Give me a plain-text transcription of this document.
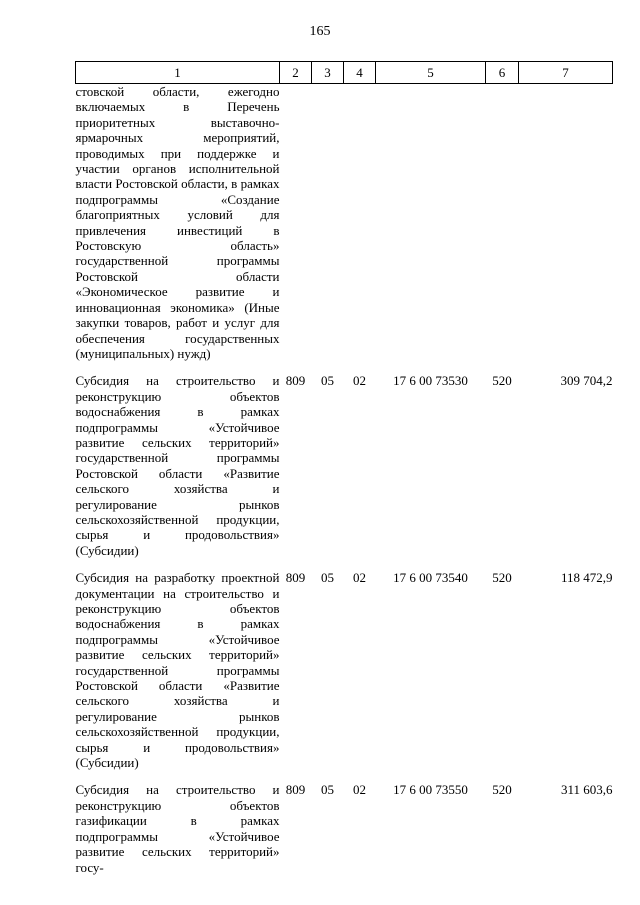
165
1	2	3	4	5	6	7
стовской области, ежегодно включаемых в Перечень приоритетных выставочно-ярмарочных мероприятий, проводимых при поддержке и участии органов исполнительной власти Ростовской области, в рамках подпрограммы «Создание благоприятных условий для привлечения инвестиций в Ростовскую область» государственной программы Ростовской области «Экономическое развитие и инновационная экономика» (Иные закупки товаров, работ и услуг для обеспечения государственных (муниципальных) нужд)						

Субсидия на строительство и реконструкцию объектов водоснабжения в рамках подпрограммы «Устойчивое развитие сельских территорий» государственной программы Ростовской области «Развитие сельского хозяйства и регулирование рынков сельскохозяйственной продукции, сырья и продовольствия» (Субсидии)	809	05	02	17 6 00 73530	520	309 704,2

Субсидия на разработку проектной документации на строительство и реконструкцию объектов водоснабжения в рамках подпрограммы «Устойчивое развитие сельских территорий» государственной программы Ростовской области «Развитие сельского хозяйства и регулирование рынков сельскохозяйственной продукции, сырья и продовольствия» (Субсидии)	809	05	02	17 6 00 73540	520	118 472,9

Субсидия на строительство и реконструкцию объектов газификации в рамках подпрограммы «Устойчивое развитие сельских территорий» госу-	809	05	02	17 6 00 73550	520	311 603,6
